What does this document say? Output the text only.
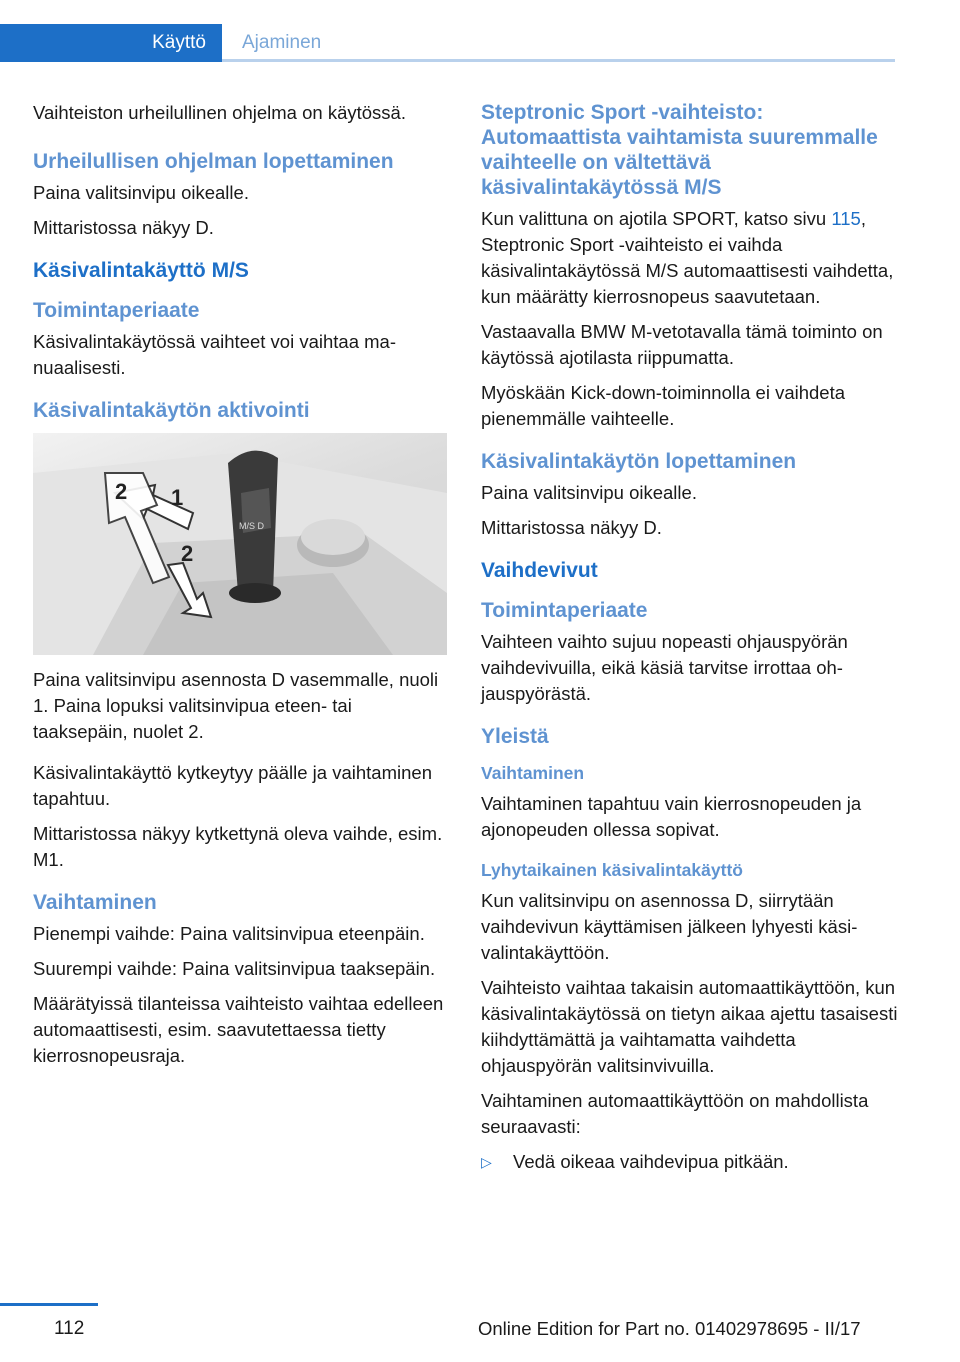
Käyttö	Ajaminen

Vaihteiston urheilullinen ohjelma on käytössä.

Urheilullisen ohjelman lopettaminen

Paina valitsinvipu oikealle.

Mittaristossa näkyy D.

Käsivalintakäyttö M/S
Toimintaperiaate

Käsivalintakäytössä vaihteet voi vaihtaa manuaalisesti.

Käsivalintakäytön aktivointi
1
2
2
M/S D

Paina valitsinvipu asennosta D vasemmalle, nuoli 1. Paina lopuksi valitsinvipua eteen- tai taaksepäin, nuolet 2.

Käsivalintakäyttö kytkeytyy päälle ja vaihtaminen tapahtuu.

Mittaristossa näkyy kytkettynä oleva vaihde, esim. M1.

Vaihtaminen

Pienempi vaihde: Paina valitsinvipua eteenpäin.

Suurempi vaihde: Paina valitsinvipua taaksepäin.

Määrätyissä tilanteissa vaihteisto vaihtaa edelleen automaattisesti, esim. saavutettaessa tietty kierrosnopeusraja.

Steptronic Sport -vaihteisto: Automaattista vaihtamista suuremmalle vaihteelle on vältettävä käsivalintakäytössä M/S

Kun valittuna on ajotila SPORT, katso sivu 115, Steptronic Sport -vaihteisto ei vaihda käsivalintakäytössä M/S automaattisesti vaihdetta, kun määrätty kierrosnopeus saavutetaan.

Vastaavalla BMW M-vetotavalla tämä toiminto on käytössä ajotilasta riippumatta.

Myöskään Kick-down-toiminnolla ei vaihdeta pienemmälle vaihteelle.

Käsivalintakäytön lopettaminen

Paina valitsinvipu oikealle.

Mittaristossa näkyy D.

Vaihdevivut
Toimintaperiaate

Vaihteen vaihto sujuu nopeasti ohjauspyörän vaihdevivuilla, eikä käsiä tarvitse irrottaa ohjauspyörästä.

Yleistä
Vaihtaminen

Vaihtaminen tapahtuu vain kierrosnopeuden ja ajonopeuden ollessa sopivat.

Lyhytaikainen käsivalintakäyttö

Kun valitsinvipu on asennossa D, siirrytään vaihdevivun käyttämisen jälkeen lyhyesti käsivalintakäyttöön.

Vaihteisto vaihtaa takaisin automaattikäyttöön, kun käsivalintakäytössä on tietyn aikaa ajettu tasaisesti kiihdyttämättä ja vaihtamatta vaihdetta ohjauspyörän valitsinvivuilla.

Vaihtaminen automaattikäyttöön on mahdollista seuraavasti:

▷	Vedä oikeaa vaihdevipua pitkään.
112	Online Edition for Part no. 01402978695 - II/17
